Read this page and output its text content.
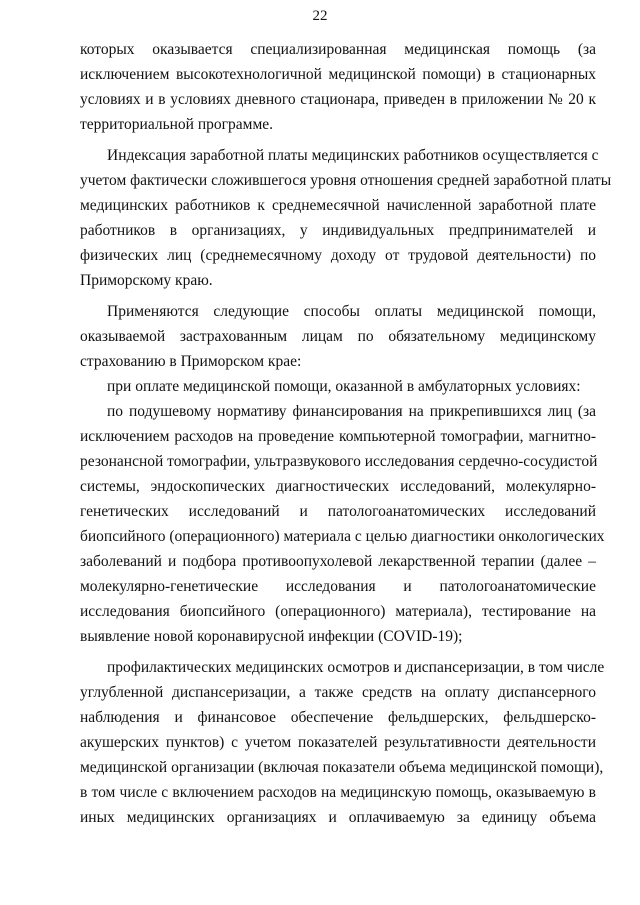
22
которых оказывается специализированная медицинская помощь (за
исключением высокотехнологичной медицинской помощи) в стационарных
условиях и в условиях дневного стационара, приведен в приложении № 20 к
территориальной программе.
Индексация заработной платы медицинских работников осуществляется с
учетом фактически сложившегося уровня отношения средней заработной платы
медицинских работников к среднемесячной начисленной заработной плате
работников в организациях, у индивидуальных предпринимателей и
физических лиц (среднемесячному доходу от трудовой деятельности) по
Приморскому краю.
Применяются следующие способы оплаты медицинской помощи,
оказываемой застрахованным лицам по обязательному медицинскому
страхованию в Приморском крае:
при оплате медицинской помощи, оказанной в амбулаторных условиях:
по подушевому нормативу финансирования на прикрепившихся лиц (за
исключением расходов на проведение компьютерной томографии, магнитно-
резонансной томографии, ультразвукового исследования сердечно-сосудистой
системы, эндоскопических диагностических исследований, молекулярно-
генетических исследований и патологоанатомических исследований
биопсийного (операционного) материала с целью диагностики онкологических
заболеваний и подбора противоопухолевой лекарственной терапии (далее –
молекулярно-генетические исследования и патологоанатомические
исследования биопсийного (операционного) материала), тестирование на
выявление новой коронавирусной инфекции (COVID-19);
профилактических медицинских осмотров и диспансеризации, в том числе
углубленной диспансеризации, а также средств на оплату диспансерного
наблюдения и финансовое обеспечение фельдшерских, фельдшерско-
акушерских пунктов) с учетом показателей результативности деятельности
медицинской организации (включая показатели объема медицинской помощи),
в том числе с включением расходов на медицинскую помощь, оказываемую в
иных медицинских организациях и оплачиваемую за единицу объема
